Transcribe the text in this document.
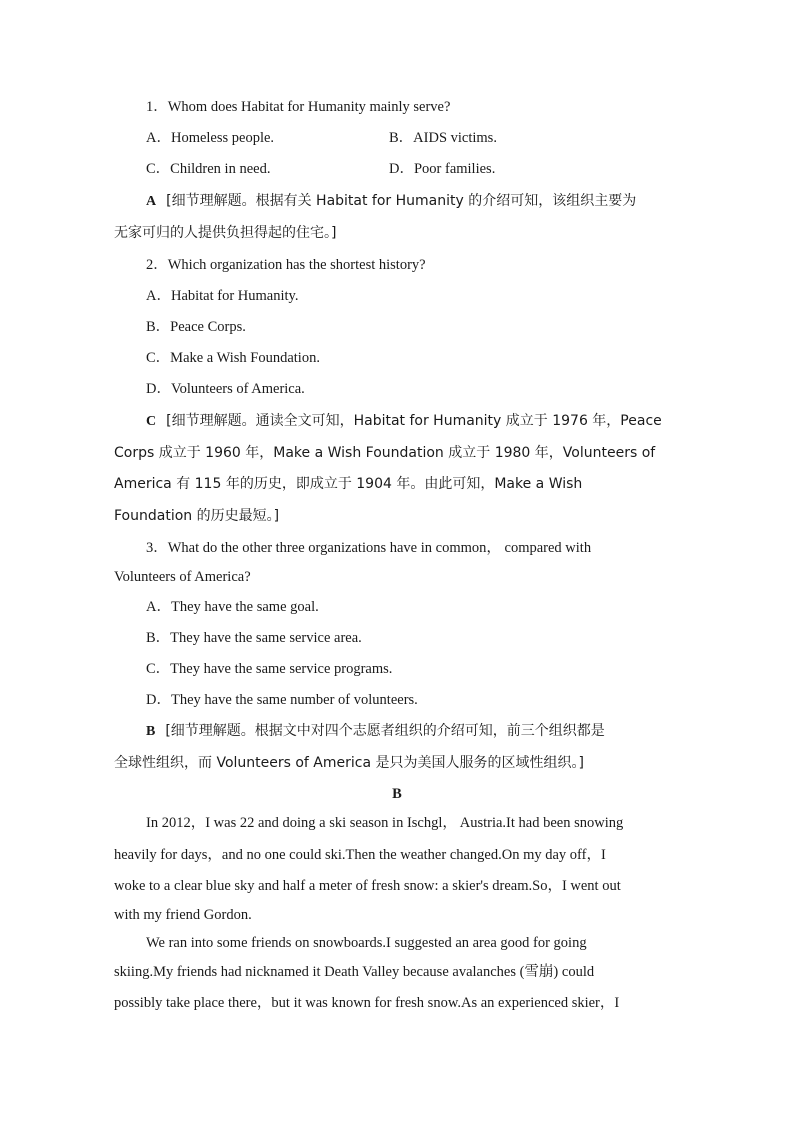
1．Whom does Habitat for Humanity mainly serve?
A．Homeless people.	B．AIDS victims.
C．Children in need.	D．Poor families.
A [细节理解题。根据有关 Habitat for Humanity 的介绍可知，该组织主要为
无家可归的人提供负担得起的住宅。]
2．Which organization has the shortest history?
A．Habitat for Humanity.
B．Peace Corps.
C．Make a Wish Foundation.
D．Volunteers of America.
C [细节理解题。通读全文可知，Habitat for Humanity 成立于 1976 年，Peace
Corps 成立于 1960 年，Make a Wish Foundation 成立于 1980 年，Volunteers of
America 有 115 年的历史，即成立于 1904 年。由此可知，Make a Wish
Foundation 的历史最短。]
3．What do the other three organizations have in common， compared with
Volunteers of America?
A．They have the same goal.
B．They have the same service area.
C．They have the same service programs.
D．They have the same number of volunteers.
B [细节理解题。根据文中对四个志愿者组织的介绍可知，前三个组织都是
全球性组织，而 Volunteers of America 是只为美国人服务的区域性组织。]
B
In 2012，I was 22 and doing a ski season in Ischgl， Austria.It had been snowing
heavily for days，and no one could ski.Then the weather changed.On my day off，I
woke to a clear blue sky and half a meter of fresh snow: a skier's dream.So，I went out
with my friend Gordon.
We ran into some friends on snowboards.I suggested an area good for going
skiing.My friends had nicknamed it Death Valley because avalanches (雪崩) could
possibly take place there，but it was known for fresh snow.As an experienced skier，I
